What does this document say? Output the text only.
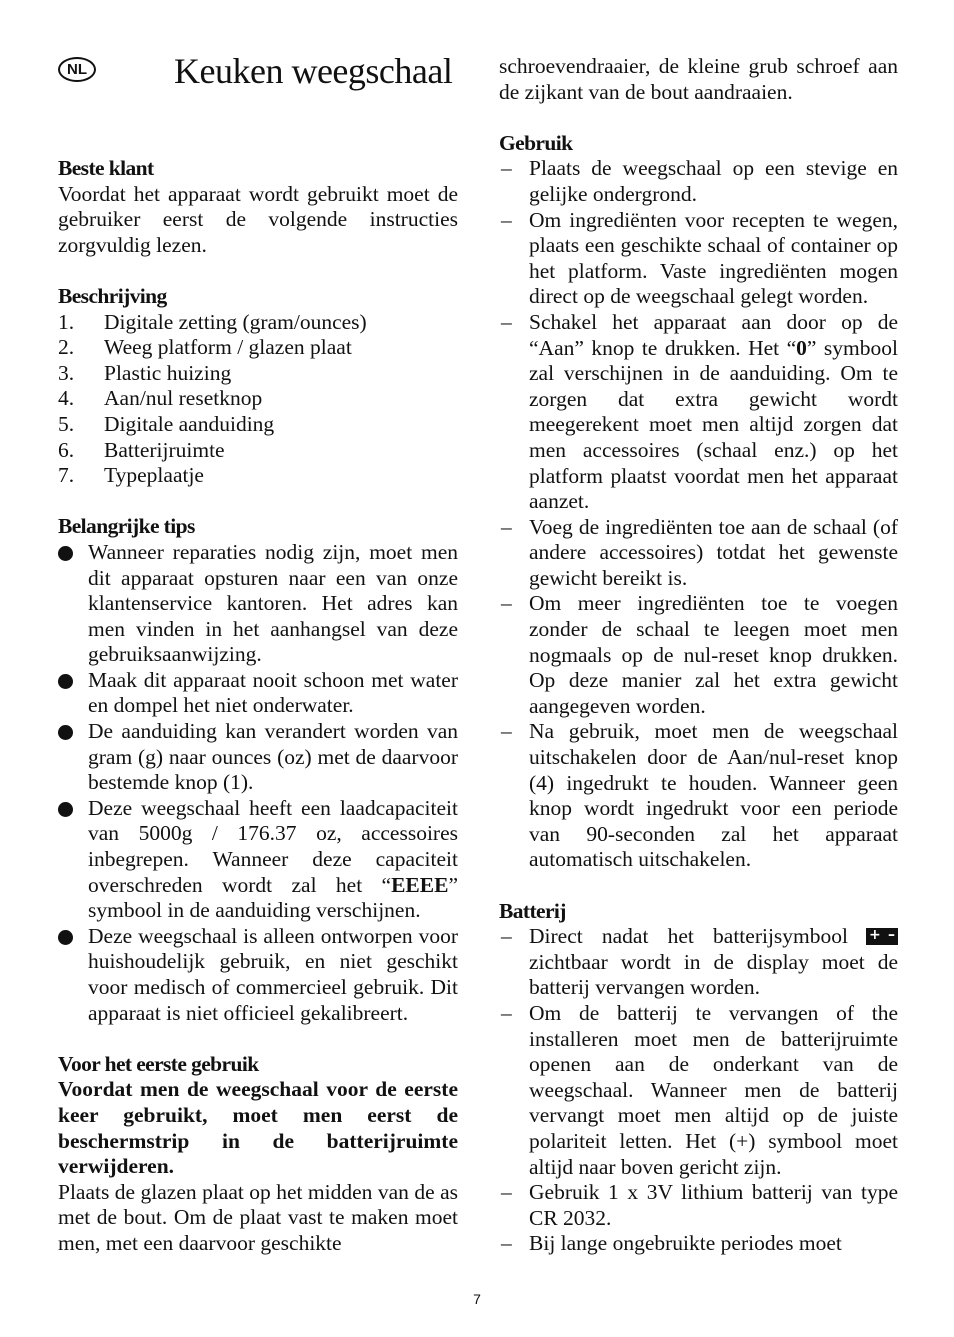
NL Keuken weegschaal
Beste klant

Voordat het apparaat wordt gebruikt moet de gebruiker eerst de volgende instructies zorgvuldig lezen.

Beschrijving
1.	Digitale zetting (gram/ounces)
2.	Weeg platform / glazen plaat
3.	Plastic huizing
4.	Aan/nul resetknop
5.	Digitale aanduiding
6.	Batterijruimte
7.	Typeplaatje
Belangrijke tips
Wanneer reparaties nodig zijn, moet men dit apparaat opsturen naar een van onze klantenservice kantoren. Het adres kan men vinden in het aanhangsel van deze gebruiksaanwijzing.
Maak dit apparaat nooit schoon met water en dompel het niet onderwater.
De aanduiding kan verandert worden van gram (g) naar ounces (oz) met de daarvoor bestemde knop (1).
Deze weegschaal heeft een laadcapaciteit van 5000g / 176.37 oz, accessoires inbegrepen. Wanneer deze capaciteit overschreden wordt zal het “EEEE” symbool in de aanduiding verschijnen.
Deze weegschaal is alleen ontworpen voor huishoudelijk gebruik, en niet geschikt voor medisch of commercieel gebruik. Dit apparaat is niet officieel gekalibreert.
Voor het eerste gebruik

Voordat men de weegschaal voor de eerste keer gebruikt, moet men eerst de beschermstrip in de batterijruimte verwijderen.

Plaats de glazen plaat op het midden van de as met de bout. Om de plaat vast te maken moet men, met een daarvoor geschikte

schroevendraaier, de kleine grub schroef aan de zijkant van de bout aandraaien.

Gebruik
– Plaats de weegschaal op een stevige en gelijke ondergrond.
– Om ingrediënten voor recepten te wegen, plaats een geschikte schaal of container op het platform. Vaste ingrediënten mogen direct op de weegschaal gelegt worden.
– Schakel het apparaat aan door op de “Aan” knop te drukken. Het “0” symbool zal verschijnen in de aanduiding. Om te zorgen dat extra gewicht wordt meegerekent moet men altijd zorgen dat men accessoires (schaal enz.) op het platform plaatst voordat men het apparaat aanzet.
– Voeg de ingrediënten toe aan de schaal (of andere accessoires) totdat het gewenste gewicht bereikt is.
– Om meer ingrediënten toe te voegen zonder de schaal te leegen moet men nogmaals op de nul-reset knop drukken. Op deze manier zal het extra gewicht aangegeven worden.
– Na gebruik, moet men de weegschaal uitschakelen door de Aan/nul-reset knop (4) ingedrukt te houden. Wanneer geen knop wordt ingedrukt voor een periode van 90-seconden zal het apparaat automatisch uitschakelen.
Batterij
– Direct nadat het batterijsymbool+ – zichtbaar wordt in de display moet de batterij vervangen worden.
– Om de batterij te vervangen of the installeren moet men de batterijruimte openen aan de onderkant van de weegschaal. Wanneer men de batterij vervangt moet men altijd op de juiste polariteit letten. Het (+) symbool moet altijd naar boven gericht zijn.
– Gebruik 1 x 3V lithium batterij van type CR 2032.
– Bij lange ongebruikte periodes moet
7
